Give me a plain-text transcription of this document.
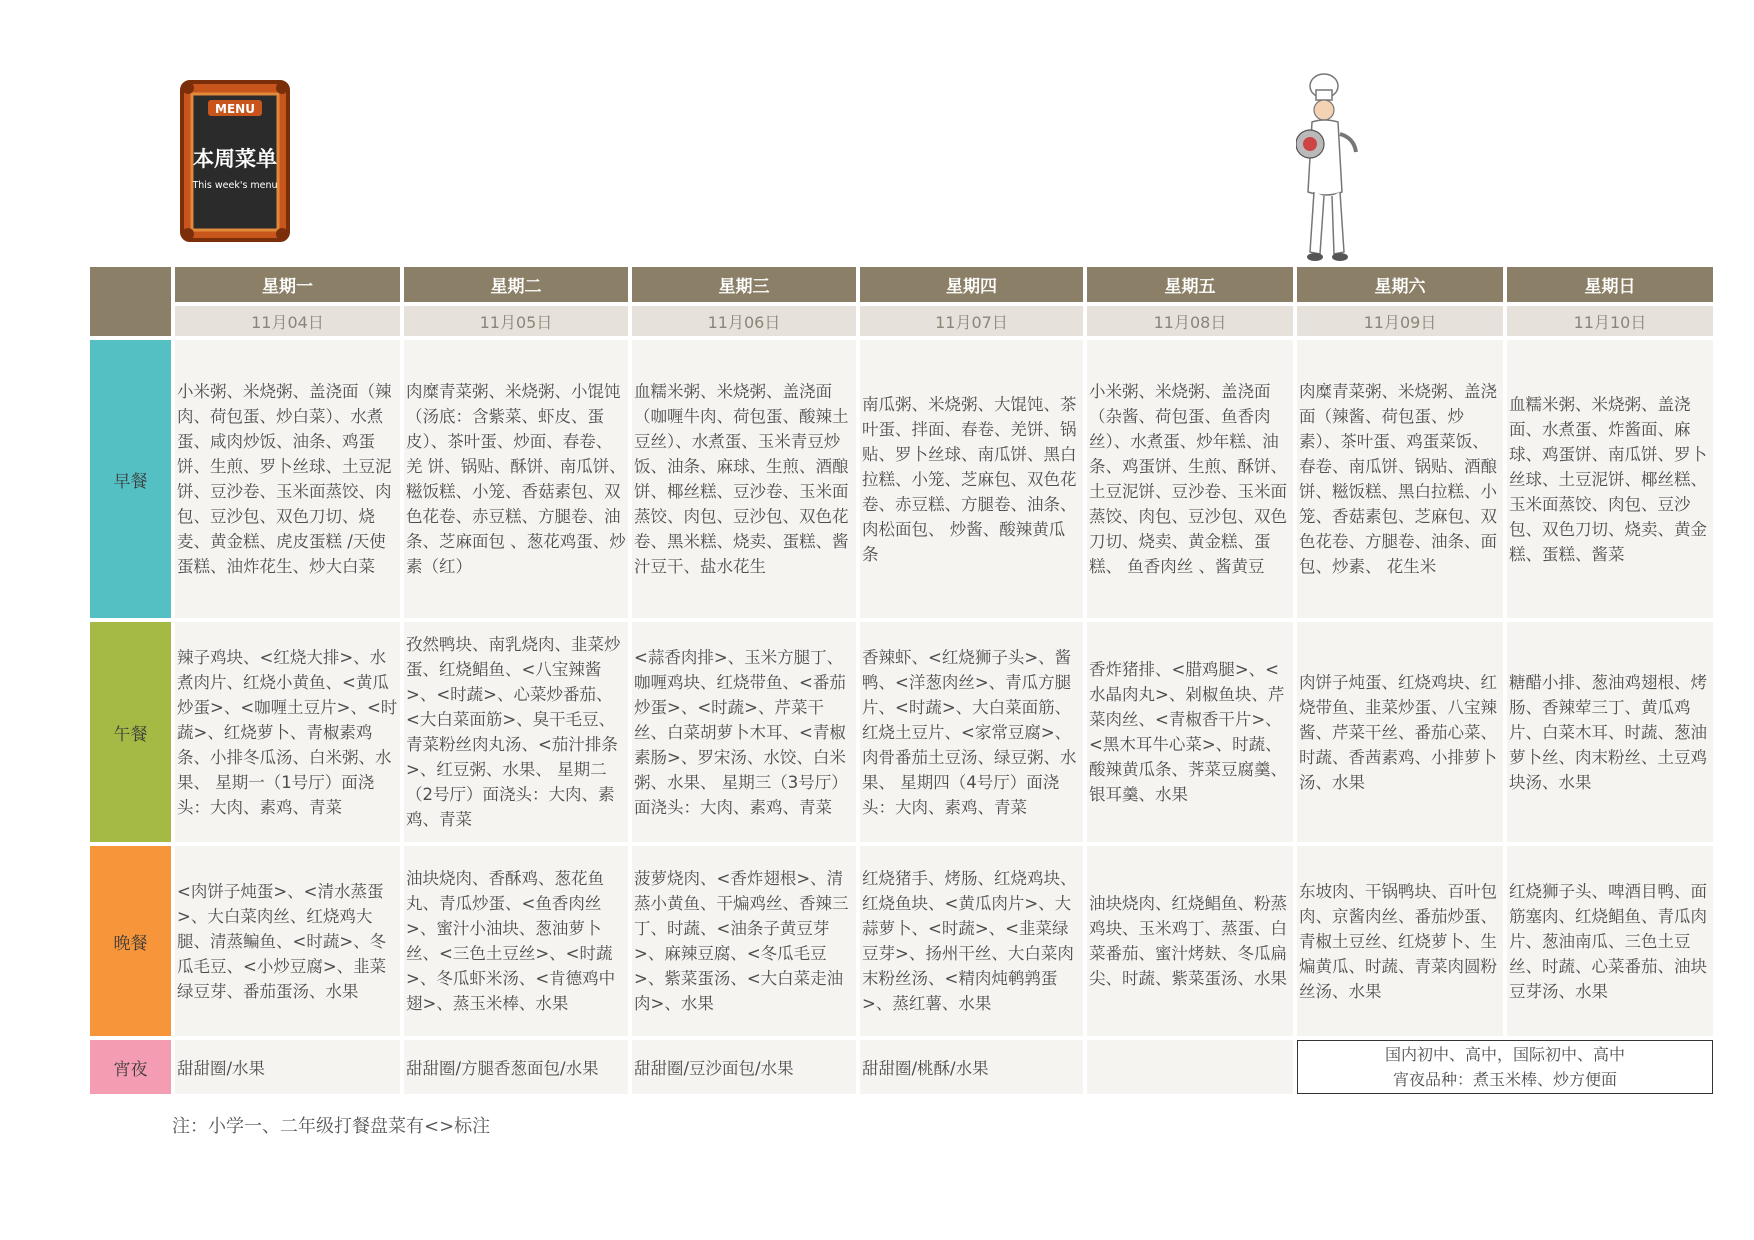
MENU
本周菜单
This week's menu
	星期一	星期二	星期三	星期四	星期五	星期六	星期日
	11月04日	11月05日	11月06日	11月07日	11月08日	11月09日	11月10日
早餐	小米粥、米烧粥、盖浇面（辣肉、荷包蛋、炒白菜）、水煮蛋、咸肉炒饭、油条、鸡蛋饼、生煎、罗卜丝球、土豆泥饼、豆沙卷、玉米面蒸饺、肉包、豆沙包、双色刀切、烧麦、黄金糕、虎皮蛋糕 /天使蛋糕、油炸花生、炒大白菜	肉糜青菜粥、米烧粥、小馄饨（汤底：含紫菜、虾皮、蛋皮）、茶叶蛋、炒面、春卷、羌 饼、锅贴、酥饼、南瓜饼、糍饭糕、小笼、香菇素包、双色花卷、赤豆糕、方腿卷、油条、芝麻面包 、葱花鸡蛋、炒素（红）	血糯米粥、米烧粥、盖浇面（咖喱牛肉、荷包蛋、酸辣土豆丝）、水煮蛋、玉米青豆炒饭、油条、麻球、生煎、酒酿饼、椰丝糕、豆沙卷、玉米面蒸饺、肉包、豆沙包、双色花卷、黑米糕、烧卖、蛋糕、酱汁豆干、盐水花生	南瓜粥、米烧粥、大馄饨、茶叶蛋、拌面、春卷、羌饼、锅贴、罗卜丝球、南瓜饼、黑白拉糕、小笼、芝麻包、双色花卷、赤豆糕、方腿卷、油条、肉松面包、 炒酱、酸辣黄瓜条	小米粥、米烧粥、盖浇面（杂酱、荷包蛋、鱼香肉丝）、水煮蛋、炒年糕、油条、鸡蛋饼、生煎、酥饼、土豆泥饼、豆沙卷、玉米面蒸饺、肉包、豆沙包、双色刀切、烧卖、黄金糕、蛋糕、 鱼香肉丝 、酱黄豆	肉糜青菜粥、米烧粥、盖浇面（辣酱、荷包蛋、炒素）、茶叶蛋、鸡蛋菜饭、春卷、南瓜饼、锅贴、酒酿饼、糍饭糕、黑白拉糕、小笼、香菇素包、芝麻包、双色花卷、方腿卷、油条、面包、炒素、 花生米	血糯米粥、米烧粥、盖浇面、水煮蛋、炸酱面、麻球、鸡蛋饼、南瓜饼、罗卜丝球、土豆泥饼、椰丝糕、玉米面蒸饺、肉包、豆沙包、双色刀切、烧卖、黄金糕、蛋糕、酱菜
午餐	辣子鸡块、<红烧大排>、水煮肉片、红烧小黄鱼、<黄瓜炒蛋>、<咖喱土豆片>、<时蔬>、红烧萝卜、青椒素鸡条、小排冬瓜汤、白米粥、水果、 星期一（1号厅）面浇头：大肉、素鸡、青菜	孜然鸭块、南乳烧肉、韭菜炒蛋、红烧鲳鱼、<八宝辣酱>、<时蔬>、心菜炒番茄、<大白菜面筋>、臭干毛豆、青菜粉丝肉丸汤、<茄汁排条>、红豆粥、水果、 星期二（2号厅）面浇头：大肉、素鸡、青菜	<蒜香肉排>、玉米方腿丁、咖喱鸡块、红烧带鱼、<番茄炒蛋>、<时蔬>、芹菜干丝、白菜胡萝卜木耳、<青椒素肠>、罗宋汤、水饺、白米粥、水果、 星期三（3号厅）面浇头：大肉、素鸡、青菜	香辣虾、<红烧狮子头>、酱鸭、<洋葱肉丝>、青瓜方腿片、<时蔬>、大白菜面筋、红烧土豆片、<家常豆腐>、肉骨番茄土豆汤、绿豆粥、水果、 星期四（4号厅）面浇头：大肉、素鸡、青菜	香炸猪排、<腊鸡腿>、<水晶肉丸>、剁椒鱼块、芹菜肉丝、<青椒香干片>、<黑木耳牛心菜>、时蔬、酸辣黄瓜条、荠菜豆腐羹、银耳羹、水果	肉饼子炖蛋、红烧鸡块、红烧带鱼、韭菜炒蛋、八宝辣酱、芹菜干丝、番茄心菜、时蔬、香茜素鸡、小排萝卜汤、水果	糖醋小排、葱油鸡翅根、烤肠、香辣荤三丁、黄瓜鸡片、白菜木耳、时蔬、葱油萝卜丝、肉末粉丝、土豆鸡块汤、水果
晚餐	<肉饼子炖蛋>、<清水蒸蛋>、大白菜肉丝、红烧鸡大腿、清蒸鳊鱼、<时蔬>、冬瓜毛豆、<小炒豆腐>、韭菜绿豆芽、番茄蛋汤、水果	油块烧肉、香酥鸡、葱花鱼丸、青瓜炒蛋、<鱼香肉丝>、蜜汁小油块、葱油萝卜丝、<三色土豆丝>、<时蔬>、冬瓜虾米汤、<肯德鸡中翅>、蒸玉米棒、水果	菠萝烧肉、<香炸翅根>、清蒸小黄鱼、干煸鸡丝、香辣三丁、时蔬、<油条子黄豆芽>、麻辣豆腐、<冬瓜毛豆>、紫菜蛋汤、<大白菜走油肉>、水果	红烧猪手、烤肠、红烧鸡块、红烧鱼块、<黄瓜肉片>、大蒜萝卜、<时蔬>、<韭菜绿豆芽>、扬州干丝、大白菜肉末粉丝汤、<精肉炖鹌鹑蛋>、蒸红薯、水果	油块烧肉、红烧鲳鱼、粉蒸鸡块、玉米鸡丁、蒸蛋、白菜番茄、蜜汁烤麸、冬瓜扁尖、时蔬、紫菜蛋汤、水果	东坡肉、干锅鸭块、百叶包肉、京酱肉丝、番茄炒蛋、青椒土豆丝、红烧萝卜、生煸黄瓜、时蔬、青菜肉圆粉丝汤、水果	红烧狮子头、啤酒目鸭、面筋塞肉、红烧鲳鱼、青瓜肉片、葱油南瓜、三色土豆丝、时蔬、心菜番茄、油块豆芽汤、水果
宵夜	甜甜圈/水果	甜甜圈/方腿香葱面包/水果	甜甜圈/豆沙面包/水果	甜甜圈/桃酥/水果		国内初中、高中，国际初中、高中
宵夜品种：煮玉米棒、炒方便面	
注：小学一、二年级打餐盘菜有<>标注
